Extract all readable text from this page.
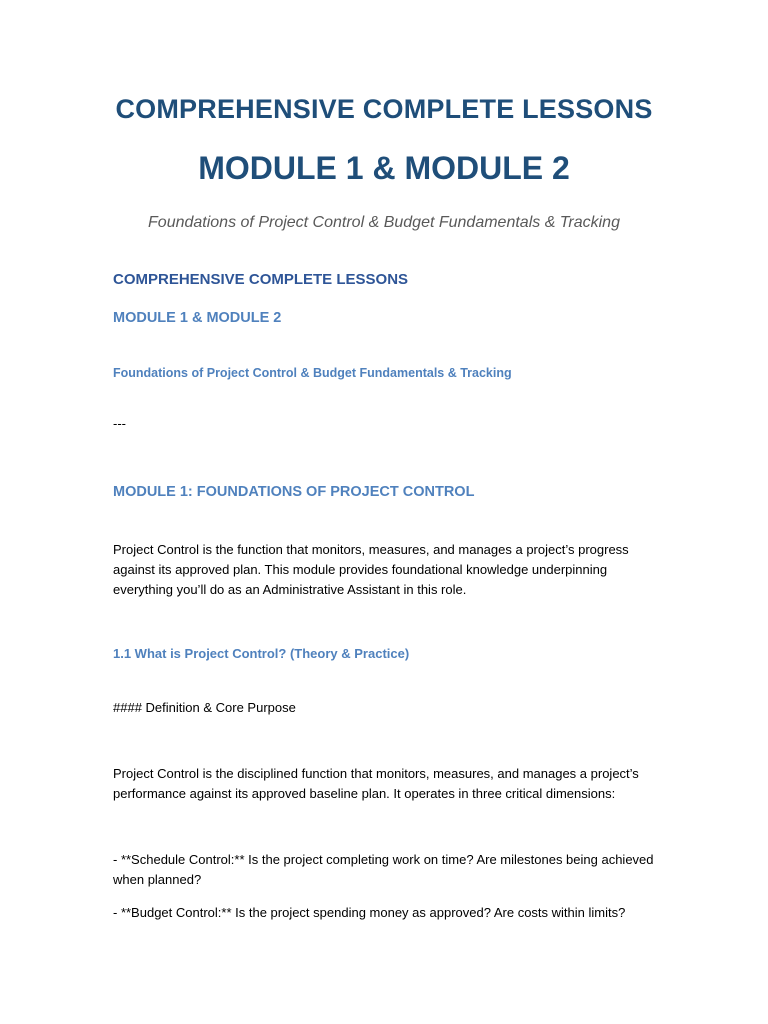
COMPREHENSIVE COMPLETE LESSONS
MODULE 1 & MODULE 2

Foundations of Project Control & Budget Fundamentals & Tracking

COMPREHENSIVE COMPLETE LESSONS
MODULE 1 & MODULE 2
Foundations of Project Control & Budget Fundamentals & Tracking

---

MODULE 1: FOUNDATIONS OF PROJECT CONTROL

Project Control is the function that monitors, measures, and manages a project’s progress against its approved plan. This module provides foundational knowledge underpinning everything you’ll do as an Administrative Assistant in this role.

1.1 What is Project Control? (Theory & Practice)

#### Definition & Core Purpose

Project Control is the disciplined function that monitors, measures, and manages a project’s performance against its approved baseline plan. It operates in three critical dimensions:

- **Schedule Control:** Is the project completing work on time? Are milestones being achieved when planned?

- **Budget Control:** Is the project spending money as approved? Are costs within limits?
